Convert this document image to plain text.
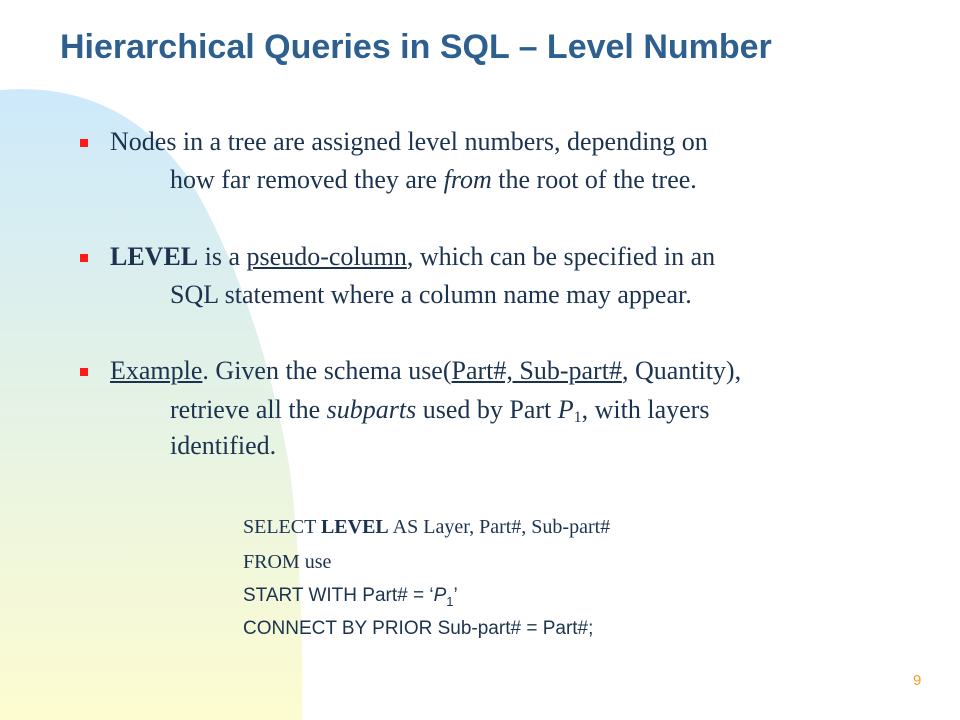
Hierarchical Queries in SQL – Level Number
Nodes in a tree are assigned level numbers, depending on
how far removed they are from the root of the tree.
LEVEL is a pseudo-column, which can be specified in an
SQL statement where a column name may appear.
Example. Given the schema use(Part#, Sub-part#, Quantity),
retrieve all the subparts used by Part $P_1$, with layers
identified.
SELECT LEVEL AS Layer, Part#, Sub-part#
FROM use
START WITH Part# = ‘$P_1$’
CONNECT BY PRIOR Sub-part# = Part#;
9
